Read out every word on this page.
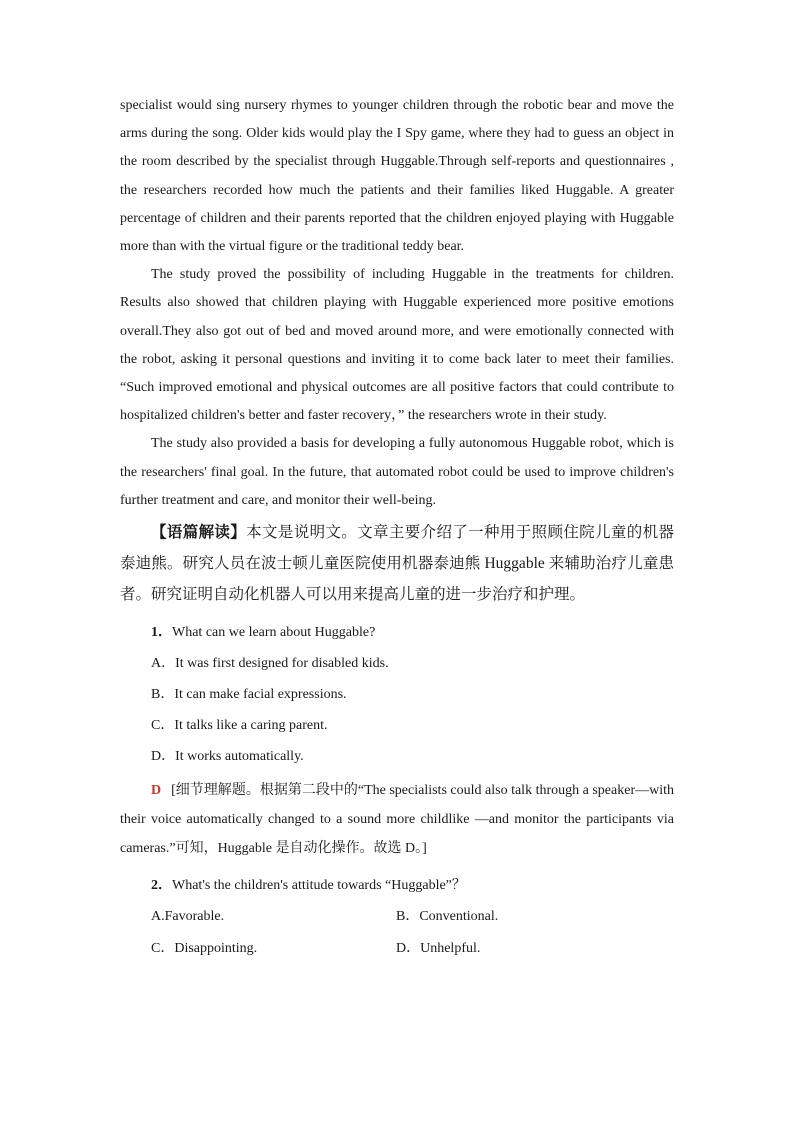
specialist would sing nursery rhymes to younger children through the robotic bear and move the arms during the song. Older kids would play the I Spy game, where they had to guess an object in the room described by the specialist through Huggable.Through self-reports and questionnaires , the researchers recorded how much the patients and their families liked Huggable. A greater percentage of children and their parents reported that the children enjoyed playing with Huggable more than with the virtual figure or the traditional teddy bear.

The study proved the possibility of including Huggable in the treatments for children. Results also showed that children playing with Huggable experienced more positive emotions overall.They also got out of bed and moved around more, and were emotionally connected with the robot, asking it personal questions and inviting it to come back later to meet their families. “Such improved emotional and physical outcomes are all positive factors that could contribute to hospitalized children's better and faster recovery，” the researchers wrote in their study.

The study also provided a basis for developing a fully autonomous Huggable robot, which is the researchers' final goal. In the future, that automated robot could be used to improve children's further treatment and care, and monitor their well-being.

【语篇解读】本文是说明文。文章主要介绍了一种用于照顾住院儿童的机器泰迪熊。研究人员在波士顿儿童医院使用机器泰迪熊 Huggable 来辅助治疗儿童患者。研究证明自动化机器人可以用来提高儿童的进一步治疗和护理。

1．What can we learn about Huggable?

A．It was first designed for disabled kids.

B．It can make facial expressions.

C．It talks like a caring parent.

D．It works automatically.

D [细节理解题。根据第二段中的“The specialists could also talk through a speaker—with their voice automatically changed to a sound more childlike —and monitor the participants via cameras.”可知，Huggable 是自动化操作。故选 D。]

2．What's the children's attitude towards “Huggable”？

A.Favorable.	B．Conventional.
C．Disappointing.	D．Unhelpful.
